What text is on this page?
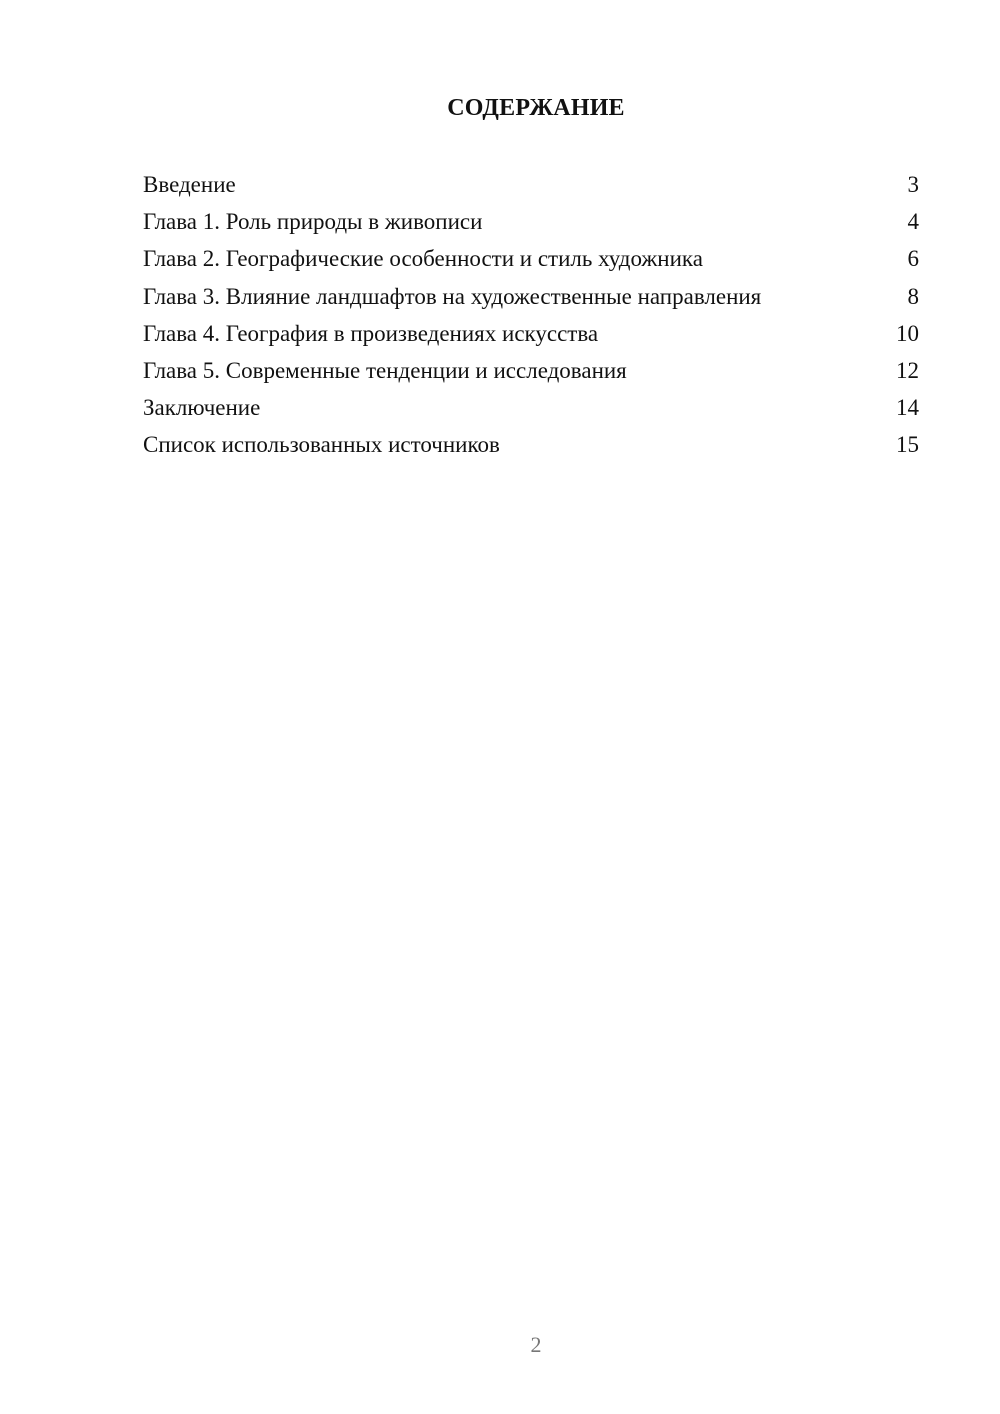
СОДЕРЖАНИЕ
Введение	3
Глава 1. Роль природы в живописи	4
Глава 2. Географические особенности и стиль художника	6
Глава 3. Влияние ландшафтов на художественные направления	8
Глава 4. География в произведениях искусства	10
Глава 5. Современные тенденции и исследования	12
Заключение	14
Список использованных источников	15
2
